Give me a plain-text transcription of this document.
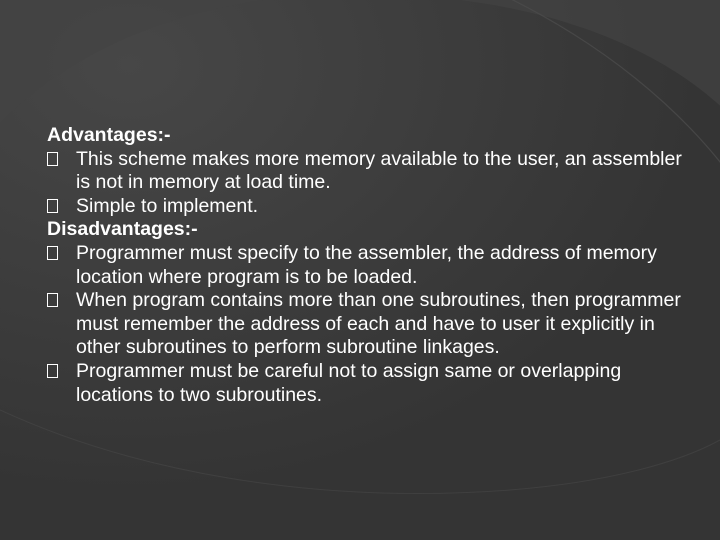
Advantages:-

This scheme makes more memory available to the user, an assembler is not in memory at load time.
Simple to implement.

Disadvantages:-

Programmer must specify to the assembler, the address of memory location where program is to be loaded.
When program contains more than one subroutines, then programmer must remember the address of each and have to user it explicitly in other subroutines to perform subroutine linkages.
Programmer must be careful not to assign same or overlapping locations to two subroutines.
